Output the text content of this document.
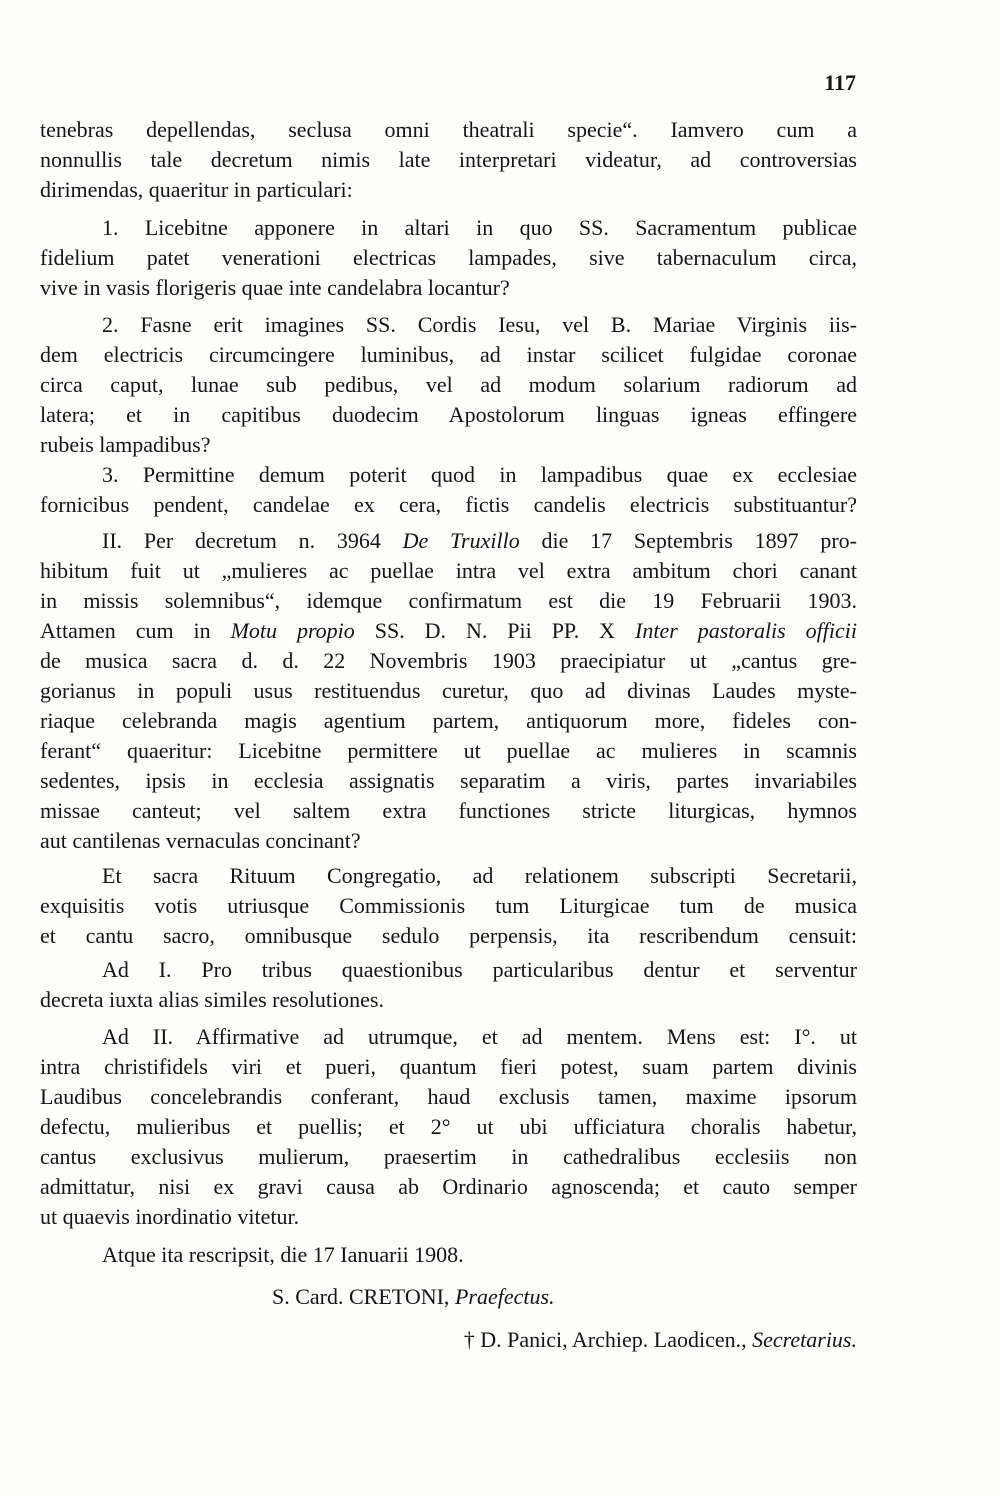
117
tenebras depellendas, seclusa omni theatrali specie“. Iamvero cum a
nonnullis tale decretum nimis late interpretari videatur, ad controversias
dirimendas, quaeritur in particulari:
1. Licebitne apponere in altari in quo SS. Sacramentum publicae
fidelium patet venerationi electricas lampades, sive tabernaculum circa,
vive in vasis florigeris quae inte candelabra locantur?
2. Fasne erit imagines SS. Cordis Iesu, vel B. Mariae Virginis iis-
dem electricis circumcingere luminibus, ad instar scilicet fulgidae coronae
circa caput, lunae sub pedibus, vel ad modum solarium radiorum ad
latera; et in capitibus duodecim Apostolorum linguas igneas effingere
rubeis lampadibus?
3. Permittine demum poterit quod in lampadibus quae ex ecclesiae
fornicibus pendent, candelae ex cera, fictis candelis electricis substituantur?
II. Per decretum n. 3964 De Truxillo die 17 Septembris 1897 pro-
hibitum fuit ut „mulieres ac puellae intra vel extra ambitum chori canant
in missis solemnibus“, idemque confirmatum est die 19 Februarii 1903.
Attamen cum in Motu propio SS. D. N. Pii PP. X Inter pastoralis officii
de musica sacra d. d. 22 Novembris 1903 praecipiatur ut „cantus gre-
gorianus in populi usus restituendus curetur, quo ad divinas Laudes myste-
riaque celebranda magis agentium partem, antiquorum more, fideles con-
ferant“ quaeritur: Licebitne permittere ut puellae ac mulieres in scamnis
sedentes, ipsis in ecclesia assignatis separatim a viris, partes invariabiles
missae canteut; vel saltem extra functiones stricte liturgicas, hymnos
aut cantilenas vernaculas concinant?
Et sacra Rituum Congregatio, ad relationem subscripti Secretarii,
exquisitis votis utriusque Commissionis tum Liturgicae tum de musica
et cantu sacro, omnibusque sedulo perpensis, ita rescribendum censuit:
Ad I. Pro tribus quaestionibus particularibus dentur et serventur
decreta iuxta alias similes resolutiones.
Ad II. Affirmative ad utrumque, et ad mentem. Mens est: I°. ut
intra christifidels viri et pueri, quantum fieri potest, suam partem divinis
Laudibus concelebrandis conferant, haud exclusis tamen, maxime ipsorum
defectu, mulieribus et puellis; et 2° ut ubi ufficiatura choralis habetur,
cantus exclusivus mulierum, praesertim in cathedralibus ecclesiis non
admittatur, nisi ex gravi causa ab Ordinario agnoscenda; et cauto semper
ut quaevis inordinatio vitetur.
Atque ita rescripsit, die 17 Ianuarii 1908.
S. Card. CRETONI, Praefectus.
† D. Panici, Archiep. Laodicen., Secretarius.
